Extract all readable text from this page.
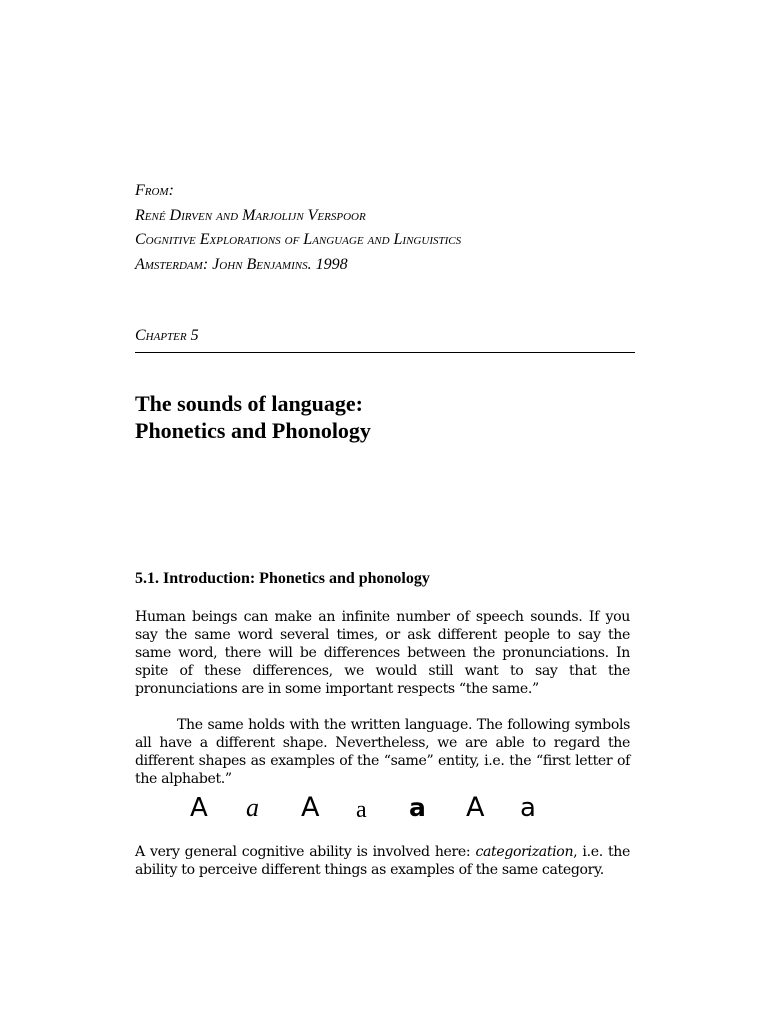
From:
René Dirven and Marjolijn Verspoor
Cognitive Explorations of Language and Linguistics
Amsterdam: John Benjamins. 1998
Chapter 5
The sounds of language:
Phonetics and Phonology
5.1. Introduction: Phonetics and phonology

Human beings can make an infinite number of speech sounds. If you say the same word several times, or ask different people to say the same word, there will be differences between the pronunciations. In spite of these differences, we would still want to say that the pronunciations are in some important respects “the same.”

The same holds with the written language. The following symbols all have a different shape. Nevertheless, we are able to regard the different shapes as examples of the “same” entity, i.e. the “first letter of the alphabet.”

A a A a a A a

A very general cognitive ability is involved here: categorization, i.e. the ability to perceive different things as examples of the same category.
